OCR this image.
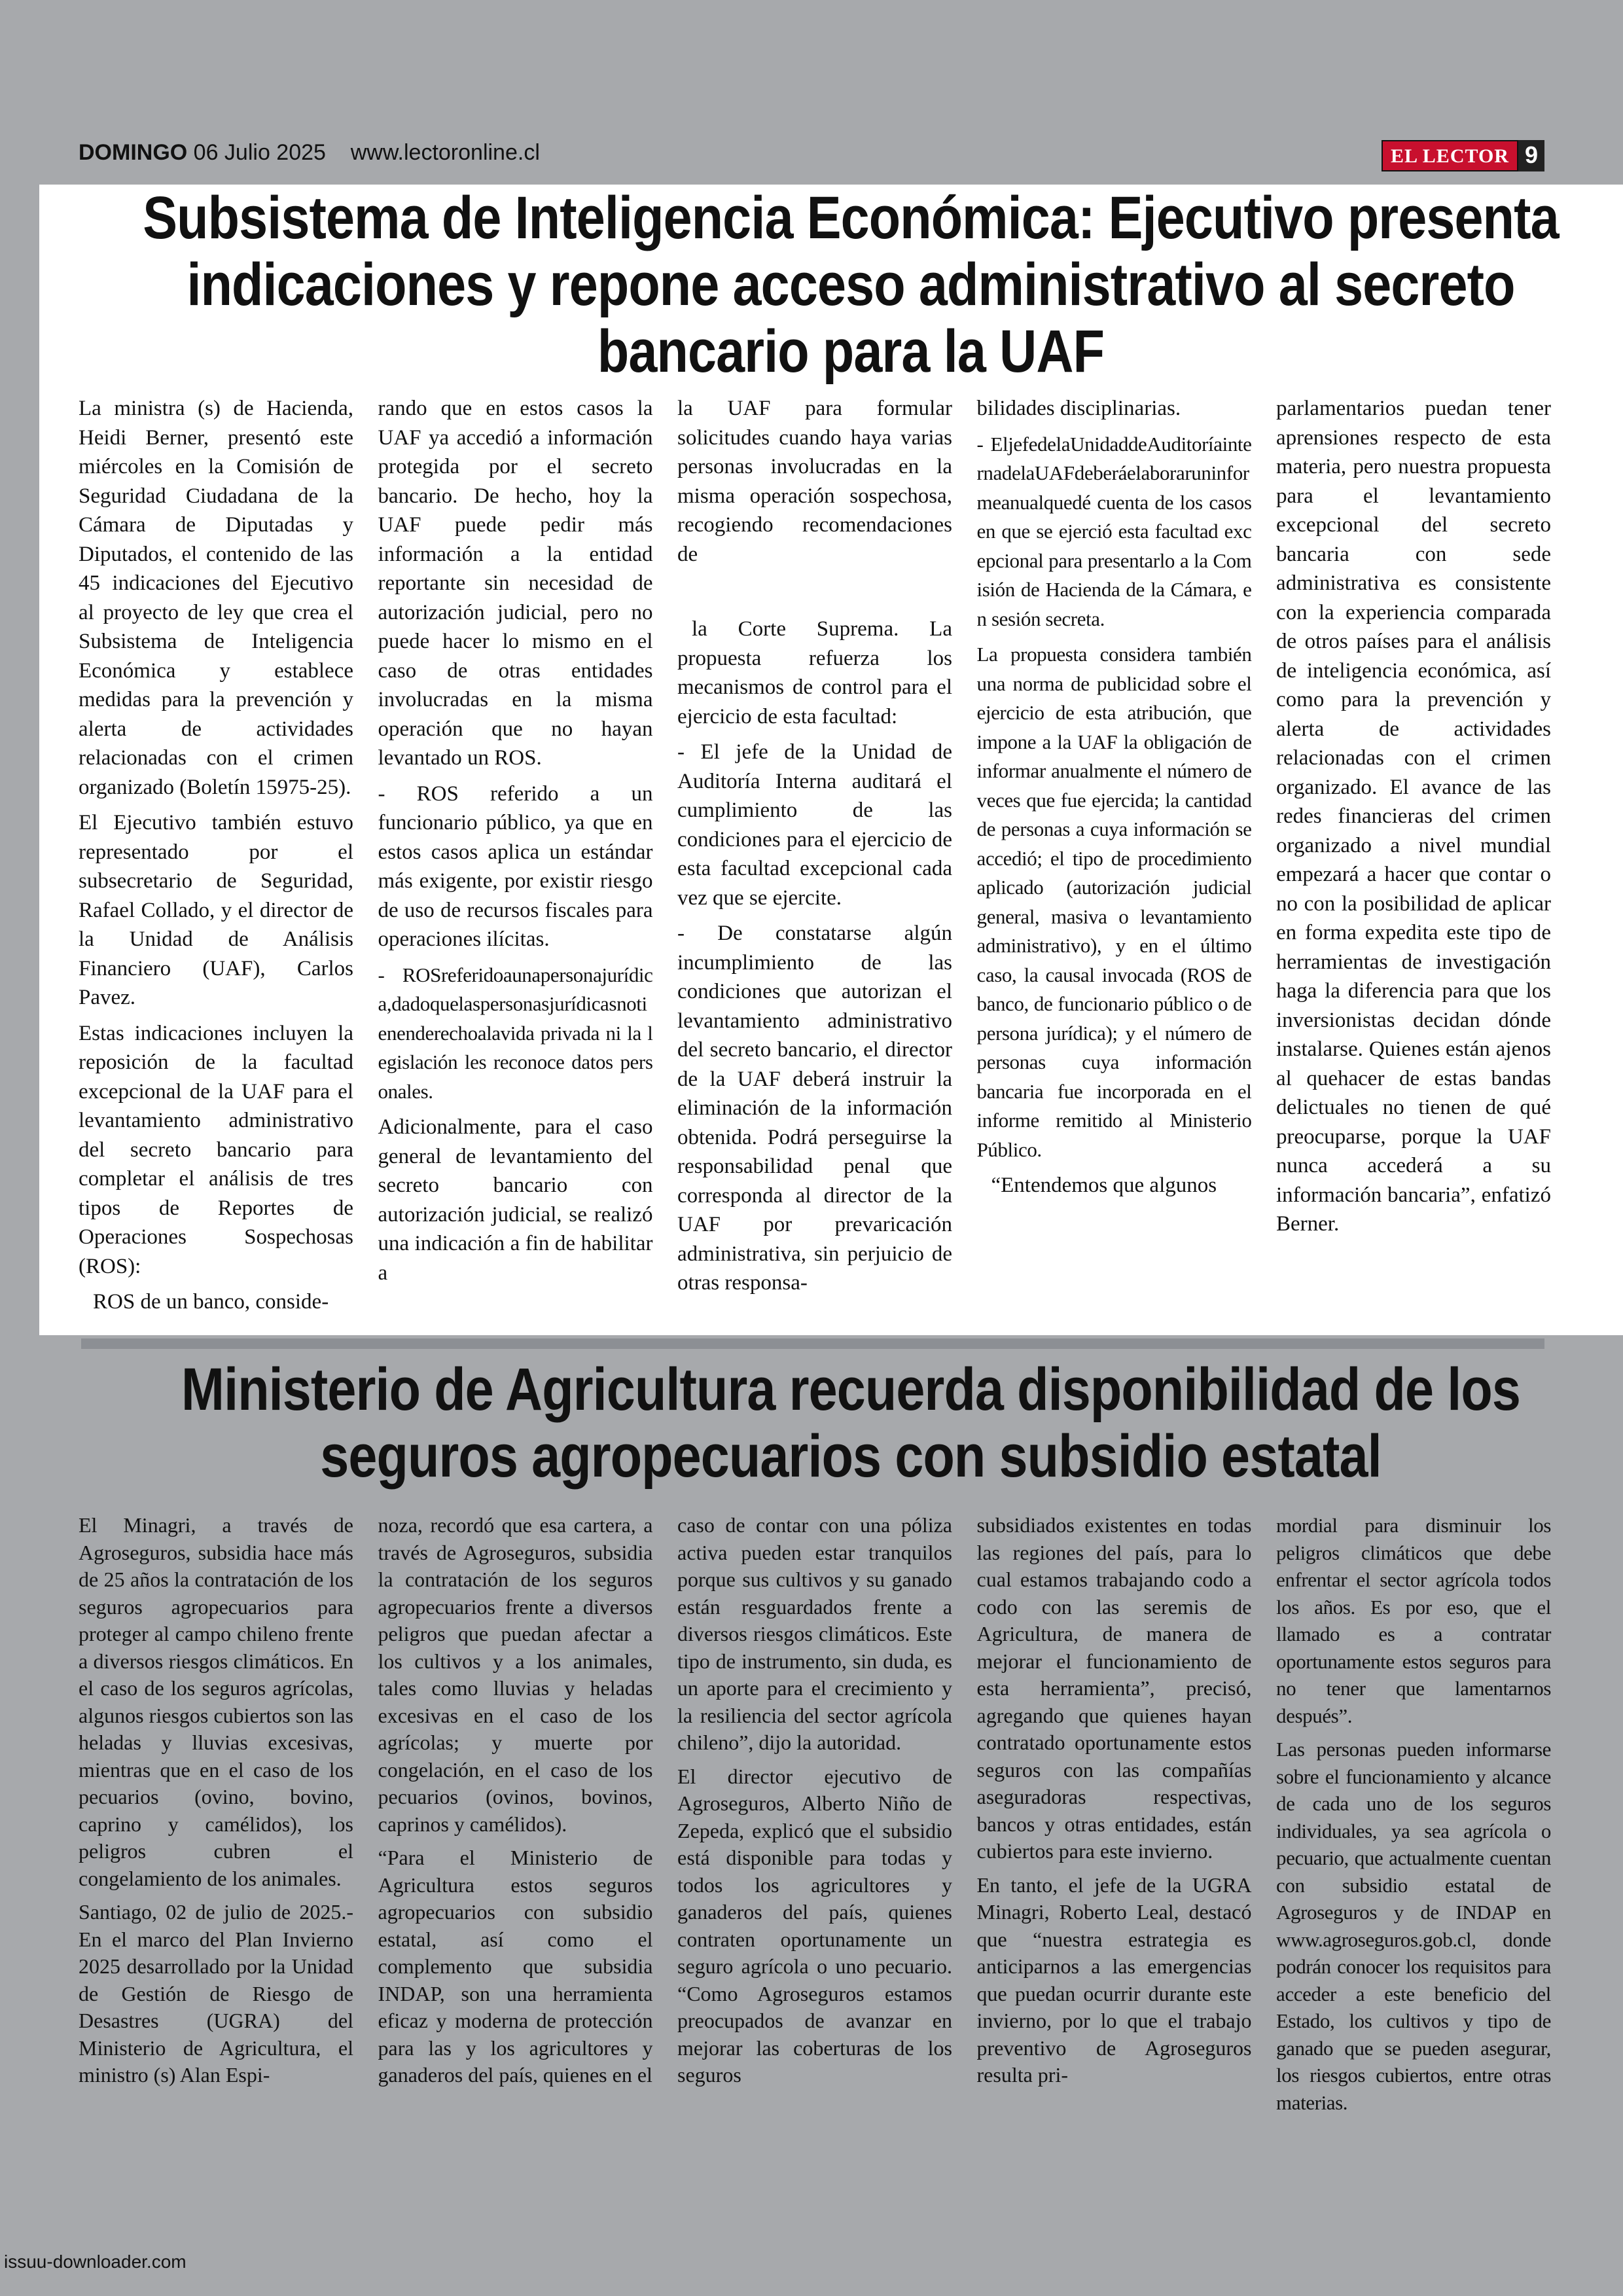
DOMINGO 06 Julio 2025 www.lectoronline.cl	EL LECTOR 9
Subsistema de Inteligencia Económica: Ejecutivo presenta indicaciones y repone acceso administrativo al secreto bancario para la UAF

La ministra (s) de Hacienda, Heidi Berner, presentó este miércoles en la Comisión de Seguridad Ciudadana de la Cámara de Diputadas y Diputados, el contenido de las 45 indicaciones del Ejecutivo al proyecto de ley que crea el Subsistema de Inteligencia Económica y establece medidas para la prevención y alerta de actividades relacionadas con el crimen organizado (Boletín 15975-25).

El Ejecutivo también estuvo representado por el subsecretario de Seguridad, Rafael Collado, y el director de la Unidad de Análisis Financiero (UAF), Carlos Pavez.

Estas indicaciones incluyen la reposición de la facultad excepcional de la UAF para el levantamiento administrativo del secreto bancario para completar el análisis de tres tipos de Reportes de Operaciones Sospechosas (ROS):

ROS de un banco, conside-

rando que en estos casos la UAF ya accedió a información protegida por el secreto bancario. De hecho, hoy la UAF puede pedir más información a la entidad reportante sin necesidad de autorización judicial, pero no puede hacer lo mismo en el caso de otras entidades involucradas en la misma operación que no hayan levantado un ROS.

- ROS referido a un funcionario público, ya que en estos casos aplica un estándar más exigente, por existir riesgo de uso de recursos fiscales para operaciones ilícitas.

- ROSreferidoaunapersonajurídica,dadoquelaspersonasjurídicasnotienenderechoalavida privada ni la legislación les reconoce datos personales.

Adicionalmente, para el caso general de levantamiento del secreto bancario con autorización judicial, se realizó una indicación a fin de habilitar a

la UAF para formular solicitudes cuando haya varias personas involucradas en la misma operación sospechosa, recogiendo recomendaciones de

la Corte Suprema. La propuesta refuerza los mecanismos de control para el ejercicio de esta facultad:

- El jefe de la Unidad de Auditoría Interna auditará el cumplimiento de las condiciones para el ejercicio de esta facultad excepcional cada vez que se ejercite.

- De constatarse algún incumplimiento de las condiciones que autorizan el levantamiento administrativo del secreto bancario, el director de la UAF deberá instruir la eliminación de la información obtenida. Podrá perseguirse la responsabilidad penal que corresponda al director de la UAF por prevaricación administrativa, sin perjuicio de otras responsa-

bilidades disciplinarias.

- EljefedelaUnidaddeAuditoríainternadelaUAFdeberáelaboraruninformeanualquedé cuenta de los casos en que se ejerció esta facultad excepcional para presentarlo a la Comisión de Hacienda de la Cámara, en sesión secreta.

La propuesta considera también una norma de publicidad sobre el ejercicio de esta atribución, que impone a la UAF la obligación de informar anualmente el número de veces que fue ejercida; la cantidad de personas a cuya información se accedió; el tipo de procedimiento aplicado (autorización judicial general, masiva o levantamiento administrativo), y en el último caso, la causal invocada (ROS de banco, de funcionario público o de persona jurídica); y el número de personas cuya información bancaria fue incorporada en el informe remitido al Ministerio Público.

“Entendemos que algunos

parlamentarios puedan tener aprensiones respecto de esta materia, pero nuestra propuesta para el levantamiento excepcional del secreto bancaria con sede administrativa es consistente con la experiencia comparada de otros países para el análisis de inteligencia económica, así como para la prevención y alerta de actividades relacionadas con el crimen organizado. El avance de las redes financieras del crimen organizado a nivel mundial empezará a hacer que contar o no con la posibilidad de aplicar en forma expedita este tipo de herramientas de investigación haga la diferencia para que los inversionistas decidan dónde instalarse. Quienes están ajenos al quehacer de estas bandas delictuales no tienen de qué preocuparse, porque la UAF nunca accederá a su información bancaria”, enfatizó Berner.

Ministerio de Agricultura recuerda disponibilidad de los seguros agropecuarios con subsidio estatal

El Minagri, a través de Agroseguros, subsidia hace más de 25 años la contratación de los seguros agropecuarios para proteger al campo chileno frente a diversos riesgos climáticos. En el caso de los seguros agrícolas, algunos riesgos cubiertos son las heladas y lluvias excesivas, mientras que en el caso de los pecuarios (ovino, bovino, caprino y camélidos), los peligros cubren el congelamiento de los animales.

Santiago, 02 de julio de 2025.- En el marco del Plan Invierno 2025 desarrollado por la Unidad de Gestión de Riesgo de Desastres (UGRA) del Ministerio de Agricultura, el ministro (s) Alan Espi-

noza, recordó que esa cartera, a través de Agroseguros, subsidia la contratación de los seguros agropecuarios frente a diversos peligros que puedan afectar a los cultivos y a los animales, tales como lluvias y heladas excesivas en el caso de los agrícolas; y muerte por congelación, en el caso de los pecuarios (ovinos, bovinos, caprinos y camélidos).

“Para el Ministerio de Agricultura estos seguros agropecuarios con subsidio estatal, así como el complemento que subsidia INDAP, son una herramienta eficaz y moderna de protección para las y los agricultores y ganaderos del país, quienes en el

caso de contar con una póliza activa pueden estar tranquilos porque sus cultivos y su ganado están resguardados frente a diversos riesgos climáticos. Este tipo de instrumento, sin duda, es un aporte para el crecimiento y la resiliencia del sector agrícola chileno”, dijo la autoridad.

El director ejecutivo de Agroseguros, Alberto Niño de Zepeda, explicó que el subsidio está disponible para todas y todos los agricultores y ganaderos del país, quienes contraten oportunamente un seguro agrícola o uno pecuario. “Como Agroseguros estamos preocupados de avanzar en mejorar las coberturas de los seguros

subsidiados existentes en todas las regiones del país, para lo cual estamos trabajando codo a codo con las seremis de Agricultura, de manera de mejorar el funcionamiento de esta herramienta”, precisó, agregando que quienes hayan contratado oportunamente estos seguros con las compañías aseguradoras respectivas, bancos y otras entidades, están cubiertos para este invierno.

En tanto, el jefe de la UGRA Minagri, Roberto Leal, destacó que “nuestra estrategia es anticiparnos a las emergencias que puedan ocurrir durante este invierno, por lo que el trabajo preventivo de Agroseguros resulta pri-

mordial para disminuir los peligros climáticos que debe enfrentar el sector agrícola todos los años. Es por eso, que el llamado es a contratar oportunamente estos seguros para no tener que lamentarnos después”.

Las personas pueden informarse sobre el funcionamiento y alcance de cada uno de los seguros individuales, ya sea agrícola o pecuario, que actualmente cuentan con subsidio estatal de Agroseguros y de INDAP en www.agroseguros.gob.cl, donde podrán conocer los requisitos para acceder a este beneficio del Estado, los cultivos y tipo de ganado que se pueden asegurar, los riesgos cubiertos, entre otras materias.

issuu-downloader.com
